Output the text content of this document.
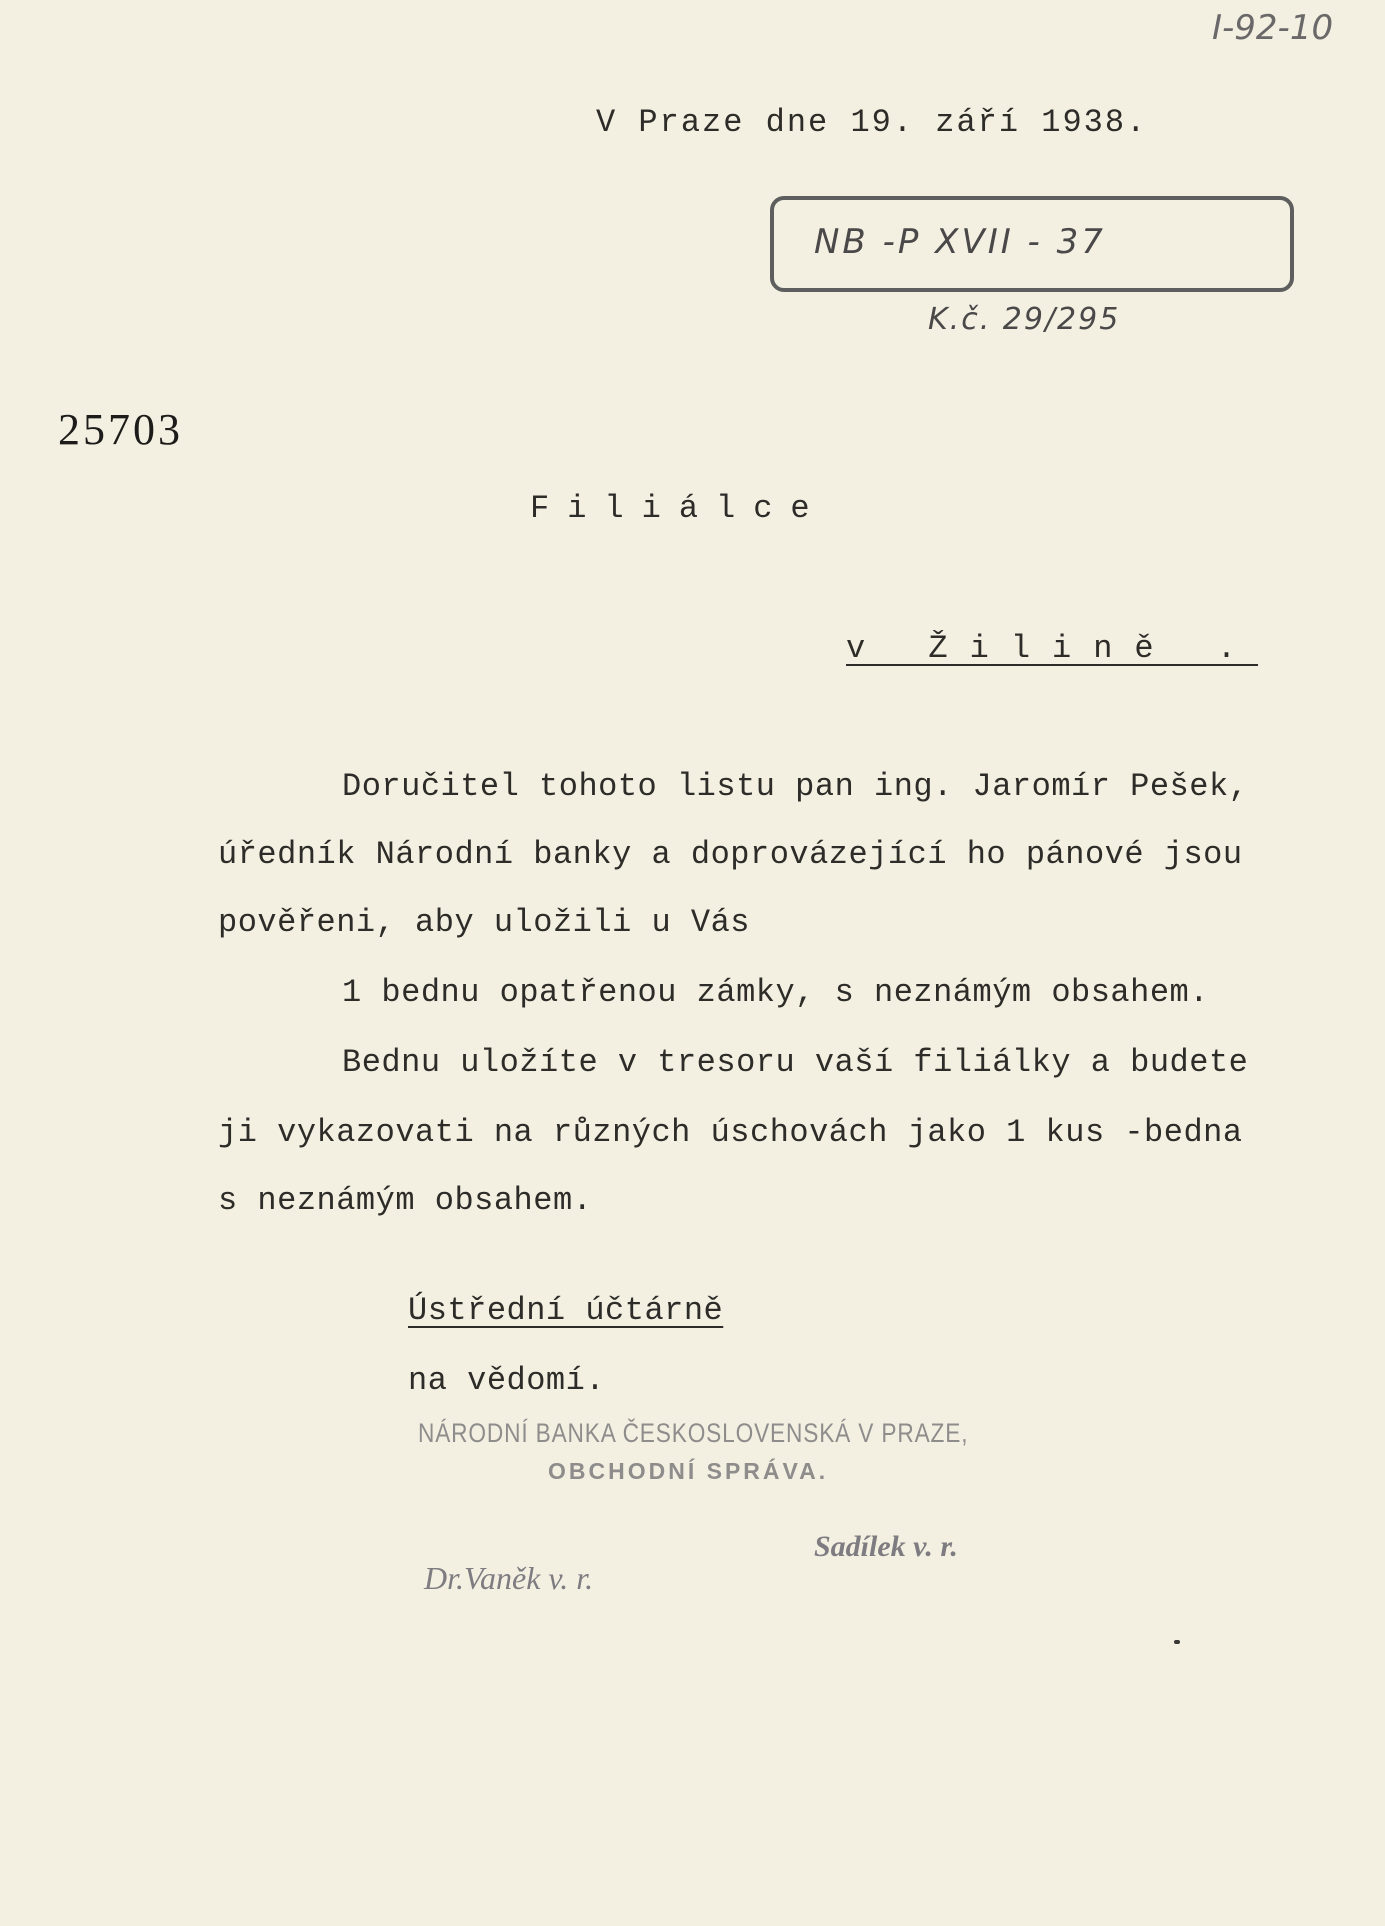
I-92-10
V Praze dne 19. září 1938.
NB -P XVII - 37
K.č. 29/295
25703
Filiálce
v Žilině .
Doručitel tohoto listu pan ing. Jaromír Pešek,
úředník Národní banky a doprovázející ho pánové jsou
pověřeni, aby uložili u Vás
1 bednu opatřenou zámky, s neznámým obsahem.
Bednu uložíte v tresoru vaší filiálky a budete
ji vykazovati na různých úschovách jako 1 kus -bedna
s neznámým obsahem.
Ústřední účtárně
na vědomí.
NÁRODNÍ BANKA ČESKOSLOVENSKÁ V PRAZE,
OBCHODNÍ SPRÁVA.
Dr.Vaněk v. r.
Sadílek v. r.
